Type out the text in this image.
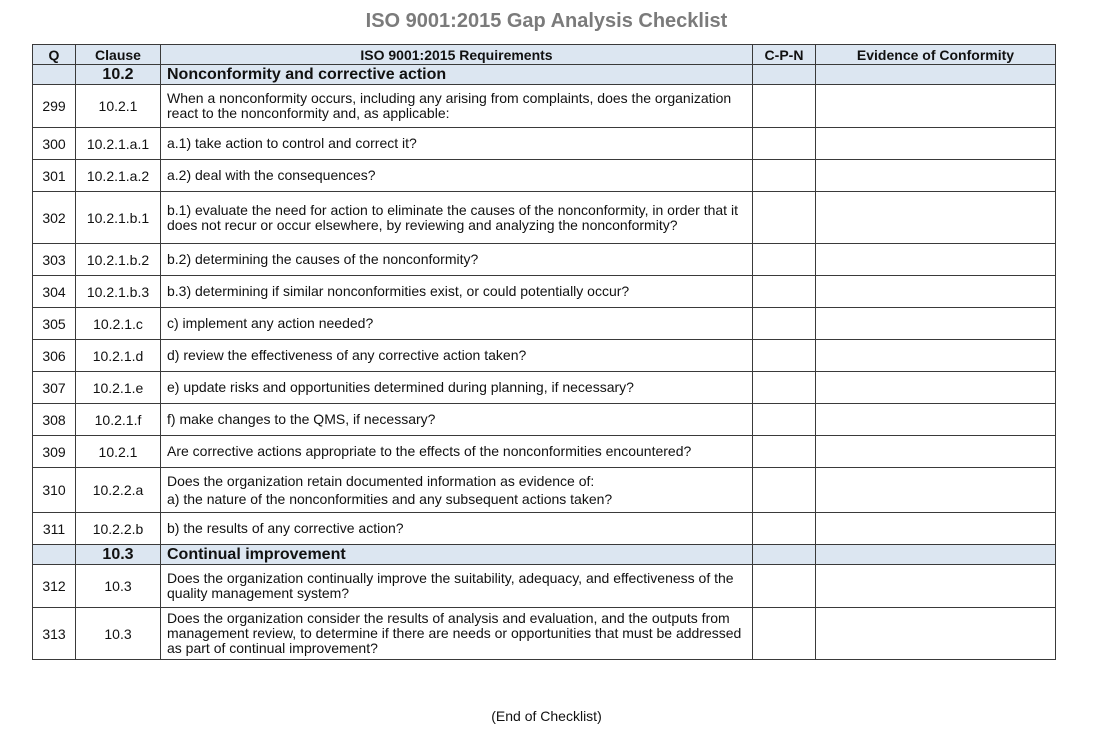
ISO 9001:2015 Gap Analysis Checklist
Q	Clause	ISO 9001:2015 Requirements	C-P-N	Evidence of Conformity
	10.2	Nonconformity and corrective action		
299	10.2.1	When a nonconformity occurs, including any arising from complaints, does the organization react to the nonconformity and, as applicable:		

300	10.2.1.a.1	a.1) take action to control and correct it?		

301	10.2.1.a.2	a.2) deal with the consequences?		

302	10.2.1.b.1	b.1) evaluate the need for action to eliminate the causes of the nonconformity, in order that it does not recur or occur elsewhere, by reviewing and analyzing the nonconformity?		

303	10.2.1.b.2	b.2) determining the causes of the nonconformity?		

304	10.2.1.b.3	b.3) determining if similar nonconformities exist, or could potentially occur?		

305	10.2.1.c	c) implement any action needed?		

306	10.2.1.d	d) review the effectiveness of any corrective action taken?		

307	10.2.1.e	e) update risks and opportunities determined during planning, if necessary?		

308	10.2.1.f	f) make changes to the QMS, if necessary?		

309	10.2.1	Are corrective actions appropriate to the effects of the nonconformities encountered?		

310	10.2.2.a	Does the organization retain documented information as evidence of:
a) the nature of the nonconformities and any subsequent actions taken?		

311	10.2.2.b	b) the results of any corrective action?		

	10.3	Continual improvement		
312	10.3	Does the organization continually improve the suitability, adequacy, and effectiveness of the quality management system?		

313	10.3	Does the organization consider the results of analysis and evaluation, and the outputs from management review, to determine if there are needs or opportunities that must be addressed as part of continual improvement?		

(End of Checklist)
